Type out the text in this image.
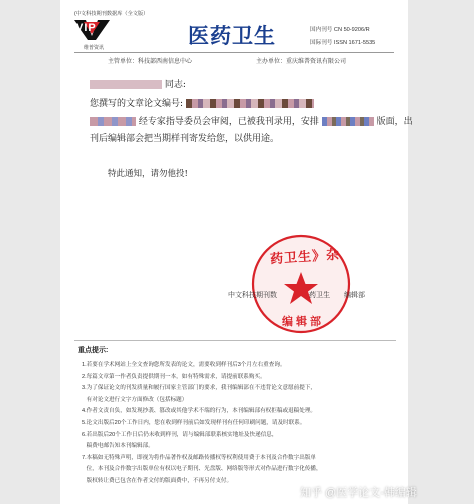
(中文科技期刊数据库（全文版）
VIP
维普资讯	医药卫生	国内刊号 CN 50-9206/R
国际刊号 ISSN 1671-5535
主管单位：科技部西南信息中心	主办单位：重庆维普资讯有限公司
同志:
您撰写的文章论文编号:
经专家指导委员会审阅，已被我刊录用，安排	版面，出
刊后编辑部会把当期样刊寄发给您，以供用途。
特此通知，请勿他投!
药卫生》杂
编辑部
中文科技期刊数	药卫生 编辑部
重点提示:
1.若要在学术网站上全文查询您所发表的论文，需要收到样刊后3个月左右重查询。
2.每篇文章第一作者负责提供期刊一本，如有特殊需求，请提前联系购买。
3.为了保证论文的刊发质量和履行国家主管部门的要求，我刊编辑部在不违背论文意愿前提下，
有对论文进行文字方面修改（包括标题）
4.作者文责自负，如发现抄袭、篡改或其他学术不端的行为，本刊编辑部有权拒稿或退稿处理。
5.论文出版后20个工作日内，您在收到样刊前后如发现样刊有任何印刷问题，请及时联系。
6.若出版后20个工作日后仍未收到样刊，请与编辑部联系核实地址及快递信息，
稿费电邮告知本刊编辑部。
7.本稿如无特殊声明，即视为将作品著作权及邮路传播权等权利使用费于本刊及合作数字出版单
位，本刊及合作数字出版单位有权以电子期刊、光盘版、网络版等形式对作品进行数字化传播，
版权转让费已包含在作者文付的版面费中，不再另付支付。
知乎 @医学论文-韩编辑
